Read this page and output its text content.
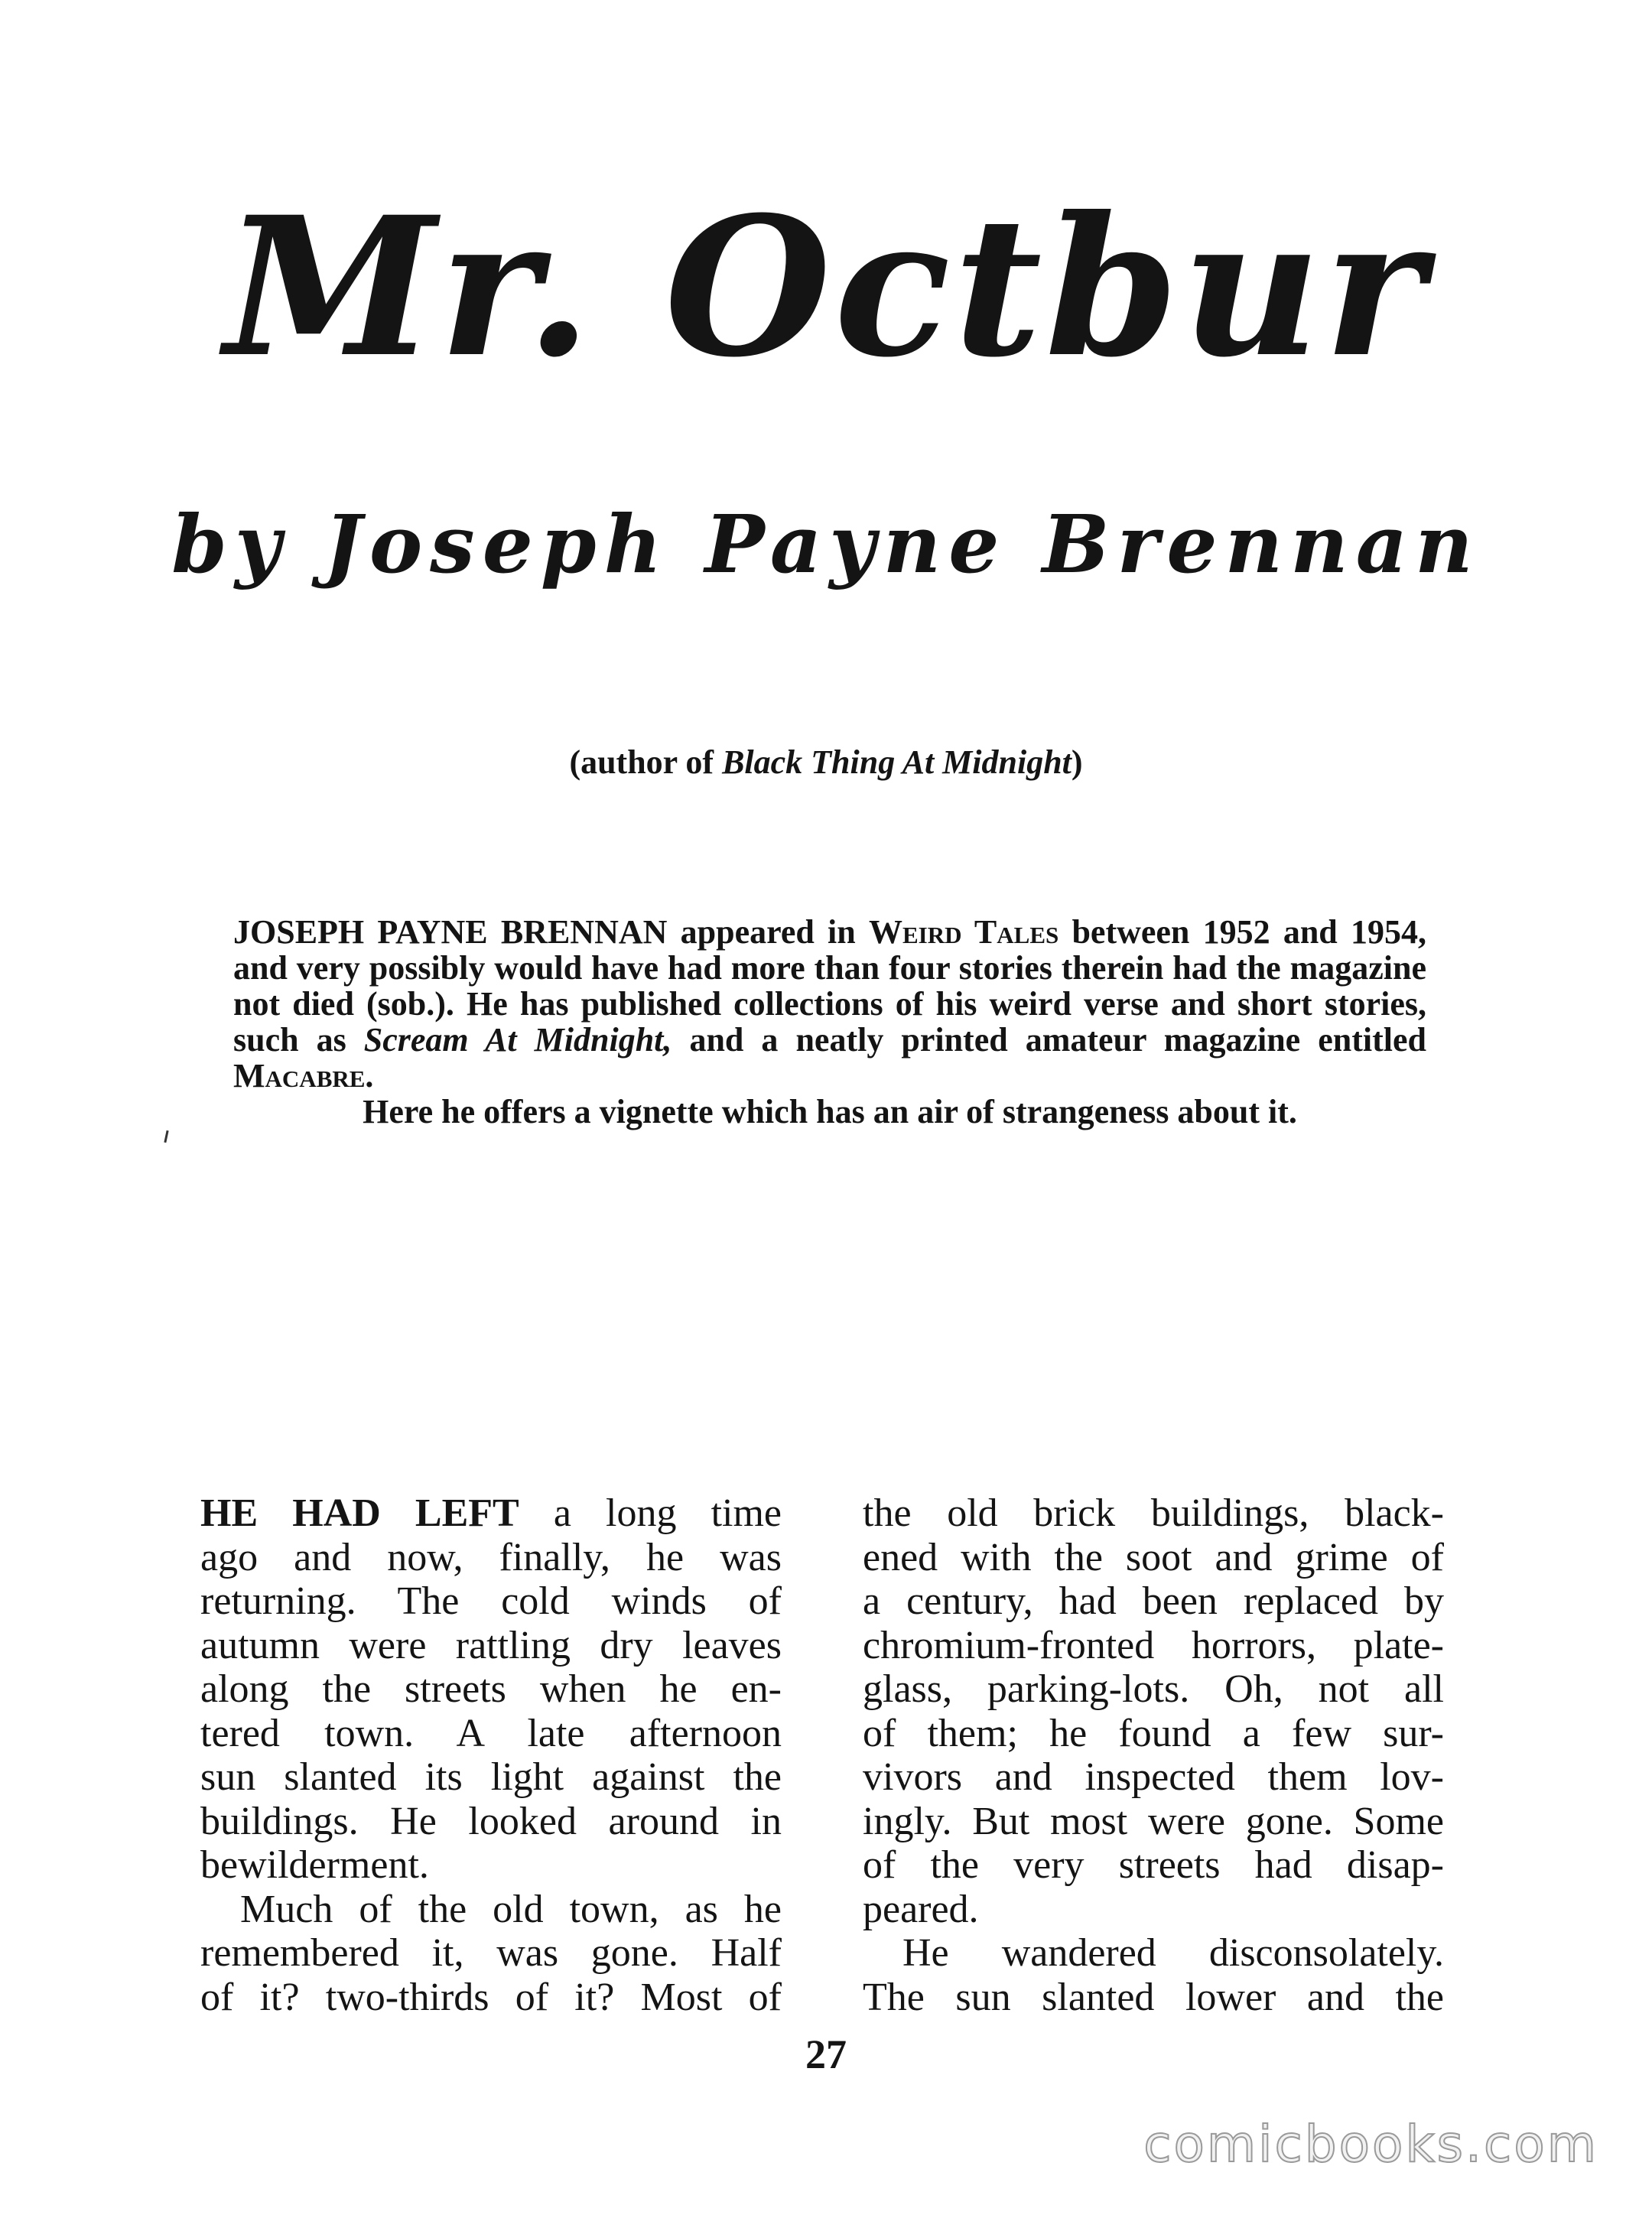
Mr. Octbur
by Joseph Payne Brennan
(author of Black Thing At Midnight)
JOSEPH PAYNE BRENNAN appeared in Weird Tales between 1952 and 1954, and very possibly would have had more than four stories therein had the magazine not died (sob.). He has published collections of his weird verse and short stories, such as Scream At Midnight, and a neatly printed amateur magazine entitled Macabre.
Here he offers a vignette which has an air of strangeness about it.
HE HAD LEFT a long time
ago and now, finally, he was
returning. The cold winds of
autumn were rattling dry leaves
along the streets when he en-
tered town. A late afternoon
sun slanted its light against the
buildings. He looked around in
bewilderment.
Much of the old town, as he
remembered it, was gone. Half
of it? two-thirds of it? Most of
the old brick buildings, black-
ened with the soot and grime of
a century, had been replaced by
chromium-fronted horrors, plate-
glass, parking-lots. Oh, not all
of them; he found a few sur-
vivors and inspected them lov-
ingly. But most were gone. Some
of the very streets had disap-
peared.
He wandered disconsolately.
The sun slanted lower and the
27
comicbooks.com
